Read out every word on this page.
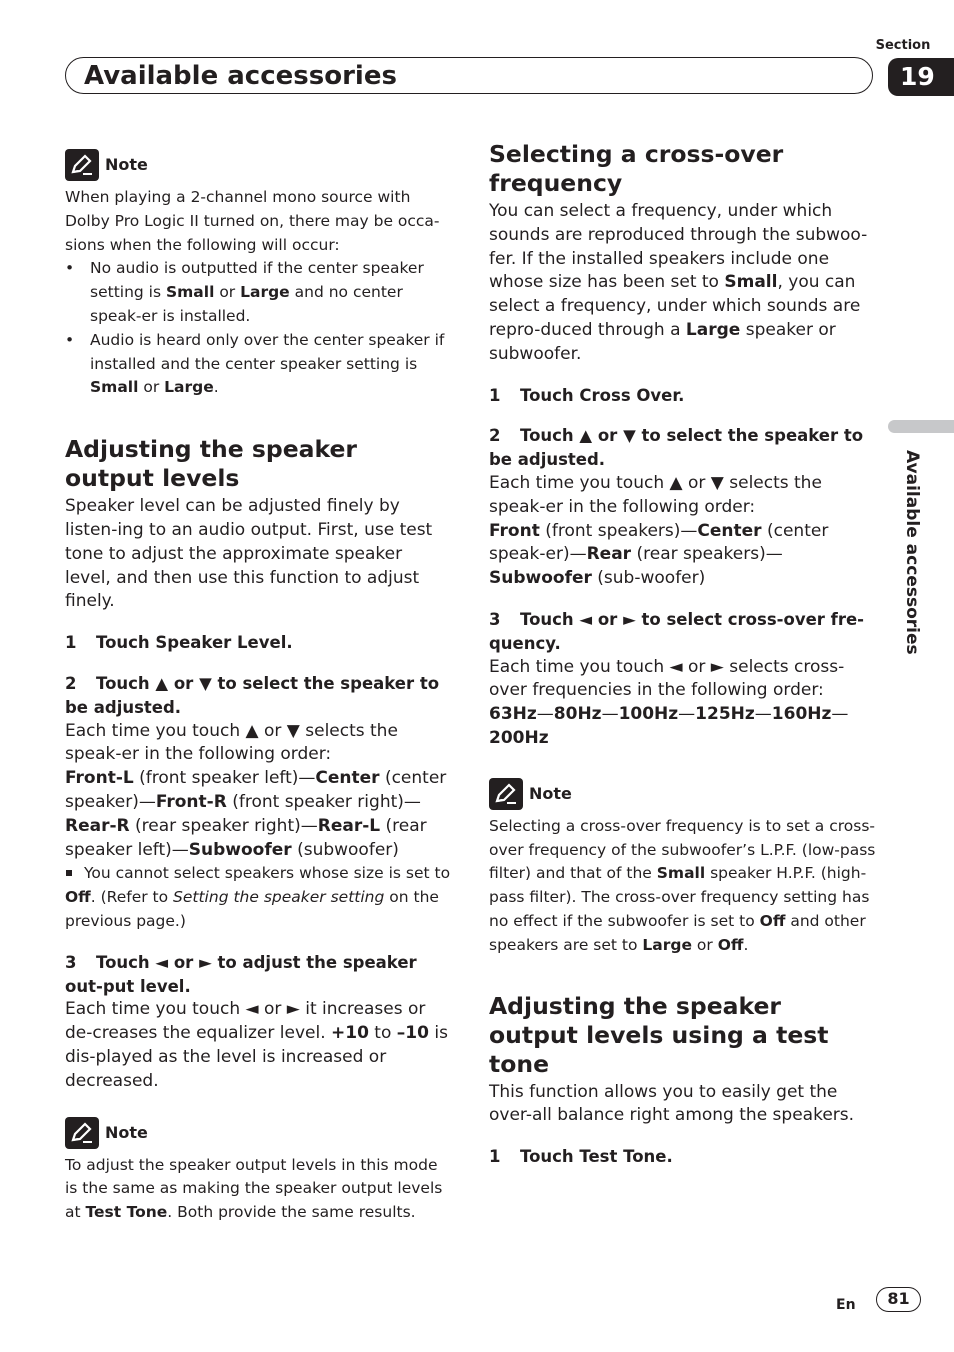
Section
Available accessories	19
Available accessories
Note

When playing a 2-channel mono source with Dolby Pro Logic II turned on, there may be occa-sions when the following will occur:

• No audio is outputted if the center speaker setting is Small or Large and no center speak-er is installed.
• Audio is heard only over the center speaker if installed and the center speaker setting is Small or Large.
Adjusting the speaker output levels

Speaker level can be adjusted finely by listen-ing to an audio output. First, use test tone to adjust the approximate speaker level, and then use this function to adjust finely.

1 Touch Speaker Level.

2 Touch ▲ or ▼ to select the speaker to be adjusted.

Each time you touch ▲ or ▼ selects the speak-er in the following order:

Front-L (front speaker left)—Center (center speaker)—Front-R (front speaker right)—Rear-R (rear speaker right)—Rear-L (rear speaker left)—Subwoofer (subwoofer)

You cannot select speakers whose size is set to Off. (Refer to Setting the speaker setting on the previous page.)

3 Touch ◄ or ► to adjust the speaker out-put level.

Each time you touch ◄ or ► it increases or de-creases the equalizer level. +10 to –10 is dis-played as the level is increased or decreased.

Note

To adjust the speaker output levels in this mode is the same as making the speaker output levels at Test Tone. Both provide the same results.

Selecting a cross-over frequency

You can select a frequency, under which sounds are reproduced through the subwoo-fer. If the installed speakers include one whose size has been set to Small, you can select a frequency, under which sounds are repro-duced through a Large speaker or subwoofer.

1 Touch Cross Over.

2 Touch ▲ or ▼ to select the speaker to be adjusted.

Each time you touch ▲ or ▼ selects the speak-er in the following order:

Front (front speakers)—Center (center speak-er)—Rear (rear speakers)—Subwoofer (sub-woofer)

3 Touch ◄ or ► to select cross-over fre-quency.

Each time you touch ◄ or ► selects cross-over frequencies in the following order:

63Hz—80Hz—100Hz—125Hz—160Hz—
200Hz

Note

Selecting a cross-over frequency is to set a cross-over frequency of the subwoofer’s L.P.F. (low-pass filter) and that of the Small speaker H.P.F. (high-pass filter). The cross-over frequency setting has no effect if the subwoofer is set to Off and other speakers are set to Large or Off.

Adjusting the speaker output levels using a test tone

This function allows you to easily get the over-all balance right among the speakers.

1 Touch Test Tone.

En	81
